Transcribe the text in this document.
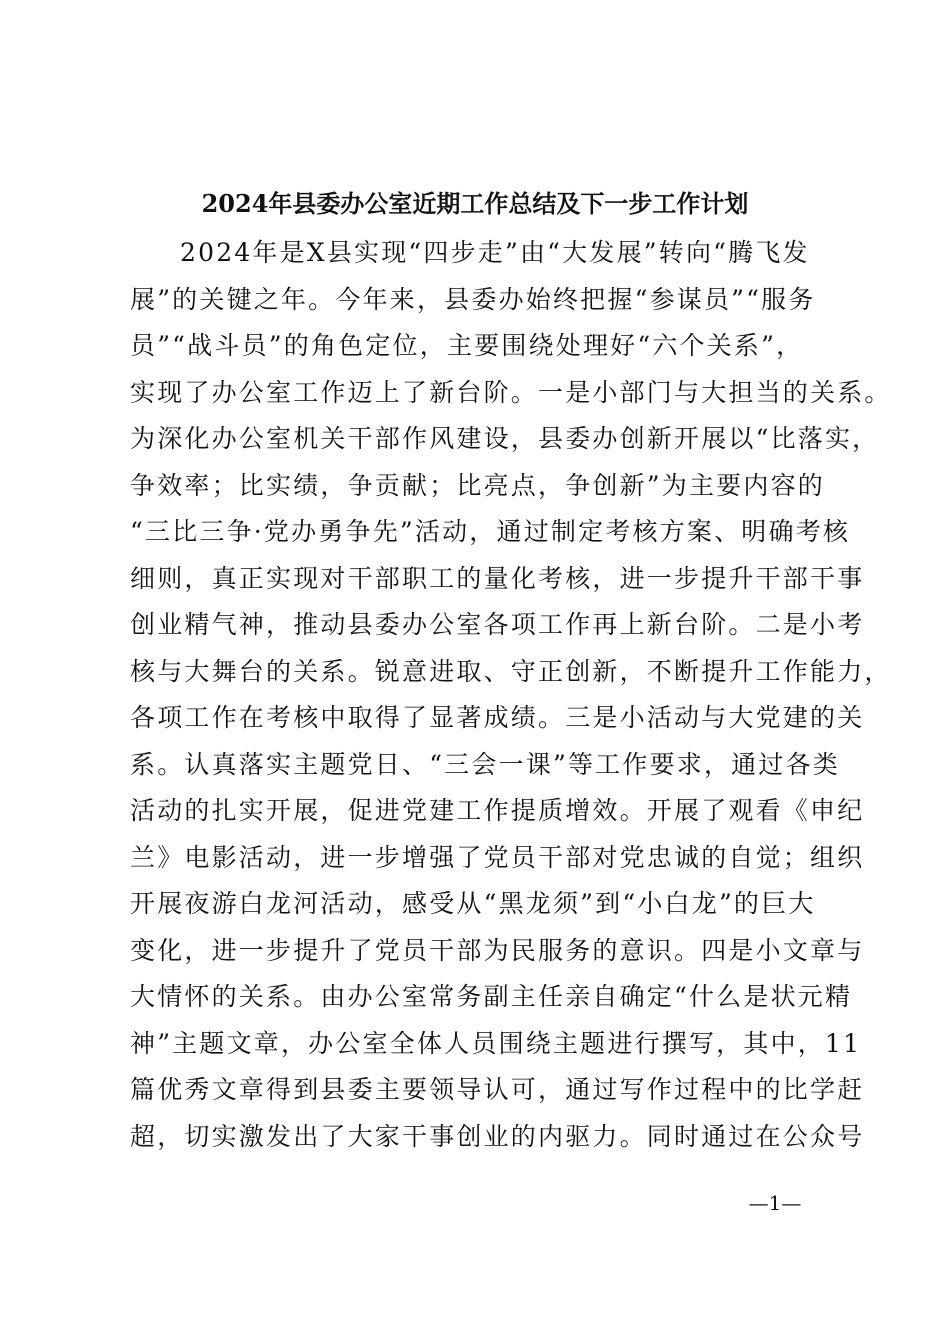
2024年县委办公室近期工作总结及下一步工作计划
2024年是X县实现“四步走”由“大发展”转向“腾飞发
展”的关键之年。今年来，县委办始终把握“参谋员”“服务
员”“战斗员”的角色定位，主要围绕处理好“六个关系”，
实现了办公室工作迈上了新台阶。一是小部门与大担当的关系。
为深化办公室机关干部作风建设，县委办创新开展以“比落实，
争效率；比实绩，争贡献；比亮点，争创新”为主要内容的
“三比三争·党办勇争先”活动，通过制定考核方案、明确考核
细则，真正实现对干部职工的量化考核，进一步提升干部干事
创业精气神，推动县委办公室各项工作再上新台阶。二是小考
核与大舞台的关系。锐意进取、守正创新，不断提升工作能力，
各项工作在考核中取得了显著成绩。三是小活动与大党建的关
系。认真落实主题党日、“三会一课”等工作要求，通过各类
活动的扎实开展，促进党建工作提质增效。开展了观看《申纪
兰》电影活动，进一步增强了党员干部对党忠诚的自觉；组织
开展夜游白龙河活动，感受从“黑龙须”到“小白龙”的巨大
变化，进一步提升了党员干部为民服务的意识。四是小文章与
大情怀的关系。由办公室常务副主任亲自确定“什么是状元精
神”主题文章，办公室全体人员围绕主题进行撰写，其中，11
篇优秀文章得到县委主要领导认可，通过写作过程中的比学赶
超，切实激发出了大家干事创业的内驱力。同时通过在公众号
—1—
